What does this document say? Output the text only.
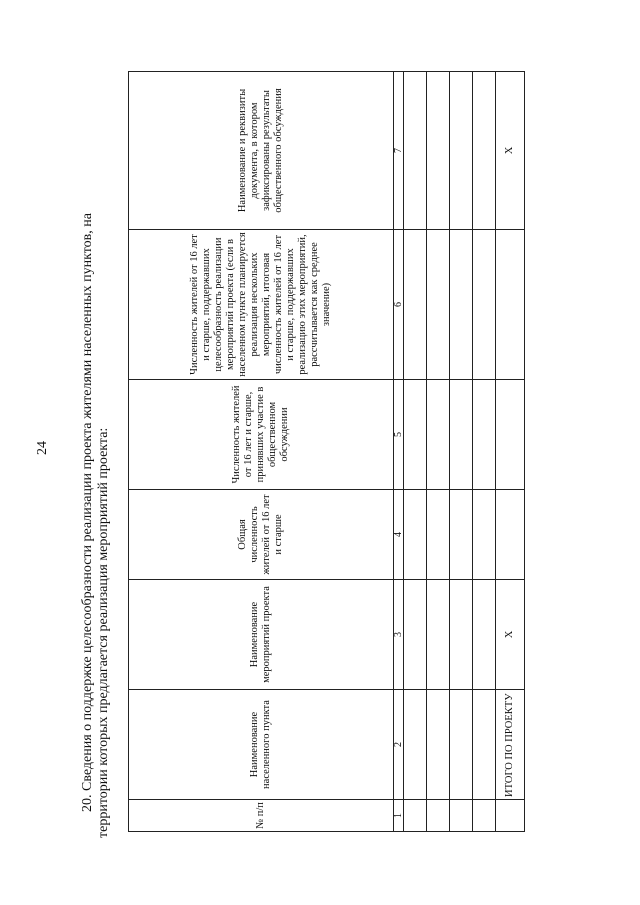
24 20. Сведения о поддержке целесообразности реализации проекта жителями населенных пунктов, на территории которых предлагается реализация мероприятий проекта:	№ п/п	Наименование населенного пункта	Наименование мероприятий проекта	Общая численность жителей от 16 лет и старше	Численность жителей от 16 лет и старше, принявших участие в общественном обсуждении	Численность жителей от 16 лет и старше, поддержавших целесообразность реализации мероприятий проекта (если в населенном пункте планируется реализация нескольких мероприятий, итоговая численность жителей от 16 лет и старше, поддержавших реализацию этих мероприятий, рассчитывается как среднее значение)	Наименование и реквизиты документа, в котором зафиксированы результаты общественного обсуждения
1	2	3	4	5	6	7

	ИТОГО ПО ПРОЕКТУ	Х				Х
